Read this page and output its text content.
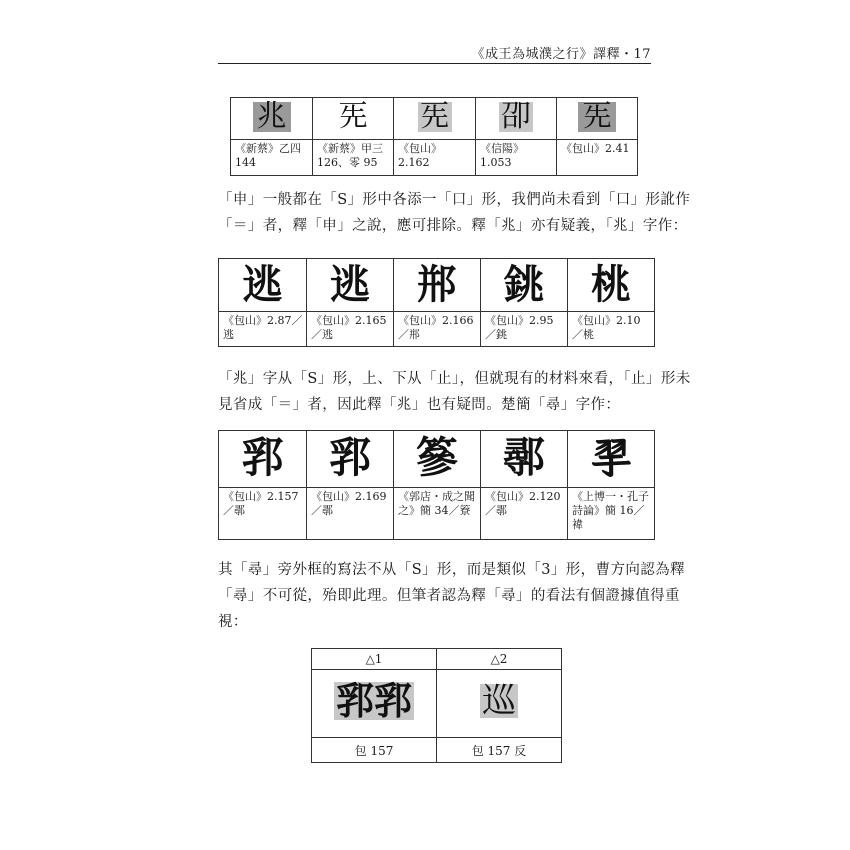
《成王為城濮之行》譯釋・17
兆	𠀡	𠀡	卲	𠀡
《新蔡》乙四 144	《新蔡》甲三 126、零 95	《包山》2.162	《信陽》1.053	《包山》2.41
「申」一般都在「S」形中各添一「口」形，我們尚未看到「口」形訛作
「＝」者，釋「申」之說，應可排除。釋「兆」亦有疑義，「兆」字作：
逃	逃	郱	銚	桃
《包山》2.87／逃	《包山》2.165／逃	《包山》2.166／郱	《包山》2.95／銚	《包山》2.10／桃
「兆」字从「S」形，上、下从「止」，但就現有的材料來看，「止」形未
見省成「＝」者，因此釋「兆」也有疑問。楚簡「尋」字作：
郛	郛	篸	鄩	𦏴
《包山》2.157／鄩	《包山》2.169／鄩	《郭店・成之聞之》簡 34／簝	《包山》2.120／鄩	《上博一・孔子詩論》簡 16／褘
其「尋」旁外框的寫法不从「S」形，而是類似「3」形，曹方向認為釋
「尋」不可從，殆即此理。但筆者認為釋「尋」的看法有個證據值得重
視：
△1	△2
郛郛	巡
包 157	包 157 反
